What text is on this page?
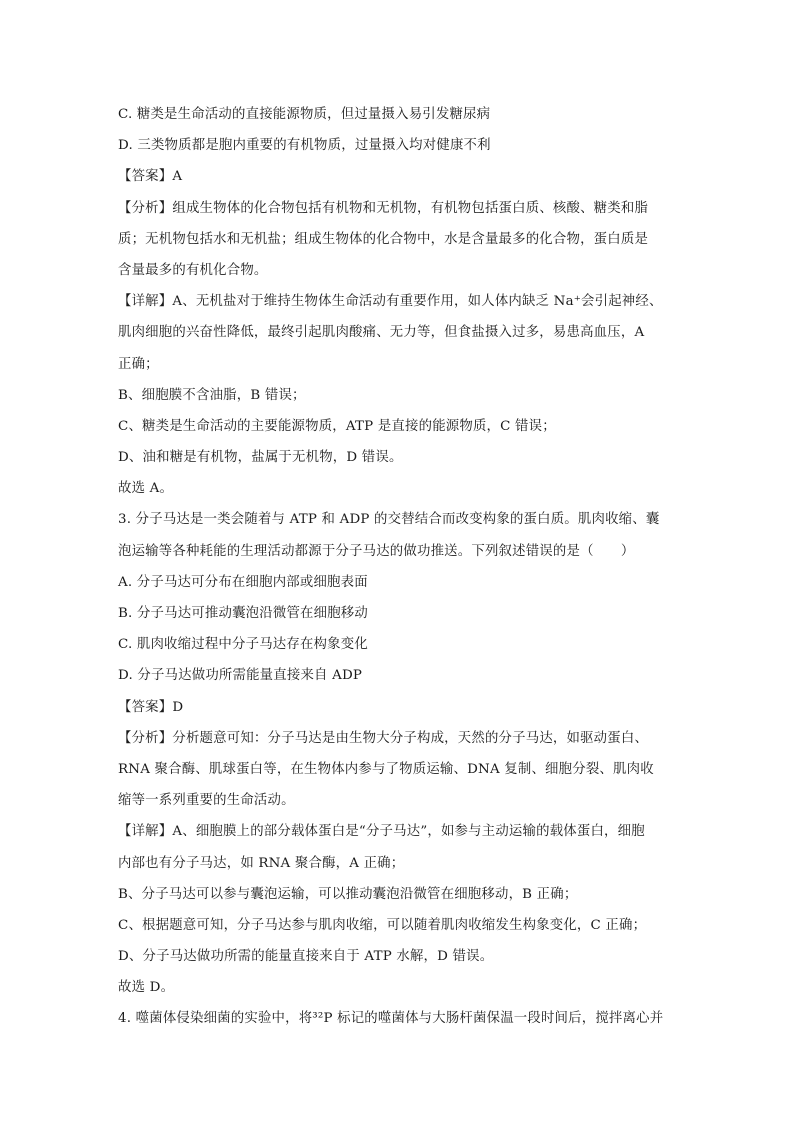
C. 糖类是生命活动的直接能源物质，但过量摄入易引发糖尿病
D. 三类物质都是胞内重要的有机物质，过量摄入均对健康不利
【答案】A
【分析】组成生物体的化合物包括有机物和无机物，有机物包括蛋白质、核酸、糖类和脂
质；无机物包括水和无机盐；组成生物体的化合物中，水是含量最多的化合物，蛋白质是
含量最多的有机化合物。
【详解】A、无机盐对于维持生物体生命活动有重要作用，如人体内缺乏 Na⁺会引起神经、
肌肉细胞的兴奋性降低，最终引起肌肉酸痛、无力等，但食盐摄入过多，易患高血压，A
正确；
B、细胞膜不含油脂，B 错误；
C、糖类是生命活动的主要能源物质，ATP 是直接的能源物质，C 错误；
D、油和糖是有机物，盐属于无机物，D 错误。
故选 A。
3. 分子马达是一类会随着与 ATP 和 ADP 的交替结合而改变构象的蛋白质。肌肉收缩、囊
泡运输等各种耗能的生理活动都源于分子马达的做功推送。下列叙述错误的是（　　）
A. 分子马达可分布在细胞内部或细胞表面
B. 分子马达可推动囊泡沿微管在细胞移动
C. 肌肉收缩过程中分子马达存在构象变化
D. 分子马达做功所需能量直接来自 ADP
【答案】D
【分析】分析题意可知：分子马达是由生物大分子构成，天然的分子马达，如驱动蛋白、
RNA 聚合酶、肌球蛋白等，在生物体内参与了物质运输、DNA 复制、细胞分裂、肌肉收
缩等一系列重要的生命活动。
【详解】A、细胞膜上的部分载体蛋白是“分子马达”，如参与主动运输的载体蛋白，细胞
内部也有分子马达，如 RNA 聚合酶，A 正确；
B、分子马达可以参与囊泡运输，可以推动囊泡沿微管在细胞移动，B 正确；
C、根据题意可知，分子马达参与肌肉收缩，可以随着肌肉收缩发生构象变化，C 正确；
D、分子马达做功所需的能量直接来自于 ATP 水解，D 错误。
故选 D。
4. 噬菌体侵染细菌的实验中，将³²P 标记的噬菌体与大肠杆菌保温一段时间后，搅拌离心并
